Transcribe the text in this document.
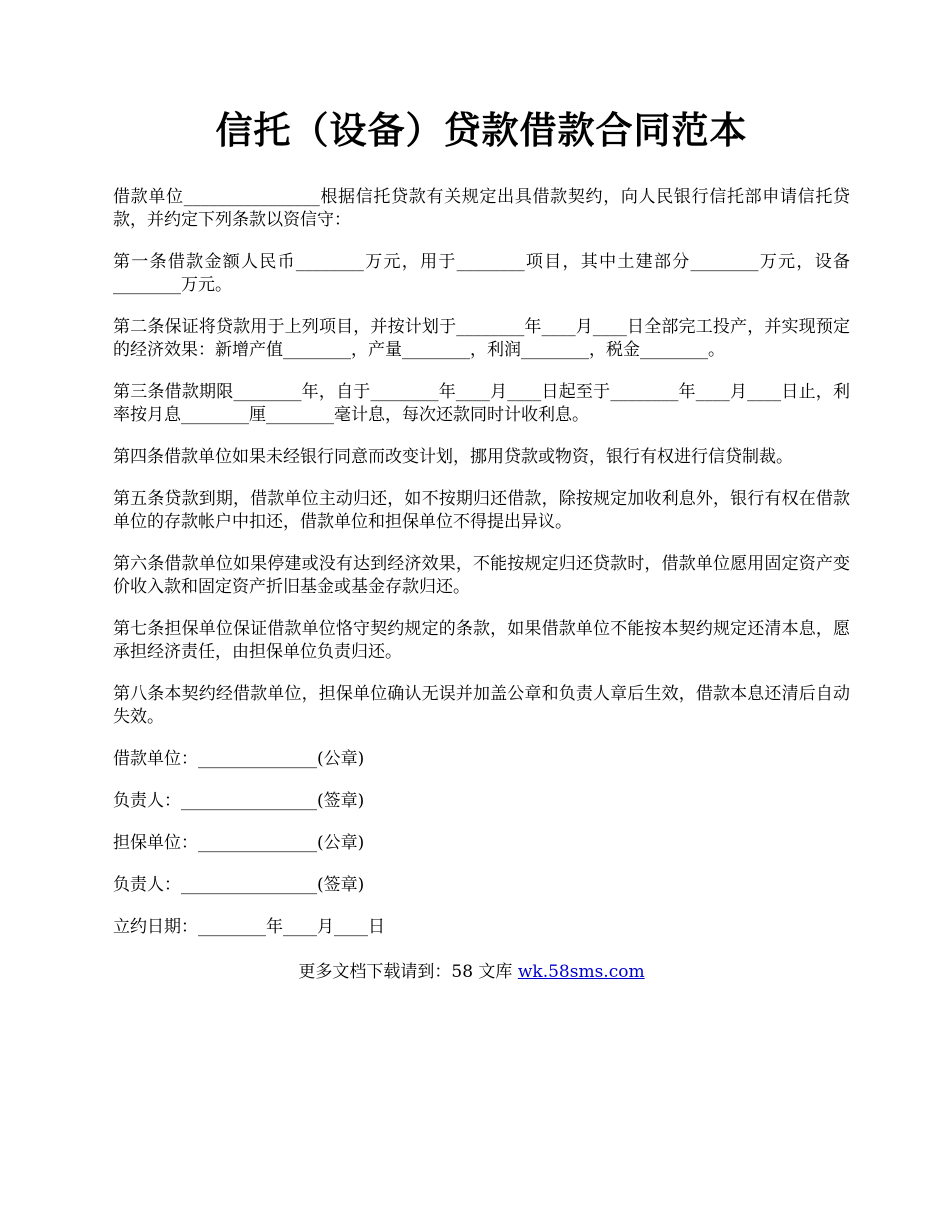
信托（设备）贷款借款合同范本

借款单位________________根据信托贷款有关规定出具借款契约，向人民银行信托部申请信托贷款，并约定下列条款以资信守：

第一条借款金额人民币________万元，用于________项目，其中土建部分________万元，设备________万元。

第二条保证将贷款用于上列项目，并按计划于________年____月____日全部完工投产，并实现预定的经济效果：新增产值________，产量________，利润________，税金________。

第三条借款期限________年，自于________年____月____日起至于________年____月____日止，利率按月息________厘________毫计息，每次还款同时计收利息。

第四条借款单位如果未经银行同意而改变计划，挪用贷款或物资，银行有权进行信贷制裁。

第五条贷款到期，借款单位主动归还，如不按期归还借款，除按规定加收利息外，银行有权在借款单位的存款帐户中扣还，借款单位和担保单位不得提出异议。

第六条借款单位如果停建或没有达到经济效果，不能按规定归还贷款时，借款单位愿用固定资产变价收入款和固定资产折旧基金或基金存款归还。

第七条担保单位保证借款单位恪守契约规定的条款，如果借款单位不能按本契约规定还清本息，愿承担经济责任，由担保单位负责归还。

第八条本契约经借款单位，担保单位确认无误并加盖公章和负责人章后生效，借款本息还清后自动失效。

借款单位：______________(公章)

负责人：________________(签章)

担保单位：______________(公章)

负责人：________________(签章)

立约日期：________年____月____日

更多文档下载请到：58 文库 wk.58sms.com
